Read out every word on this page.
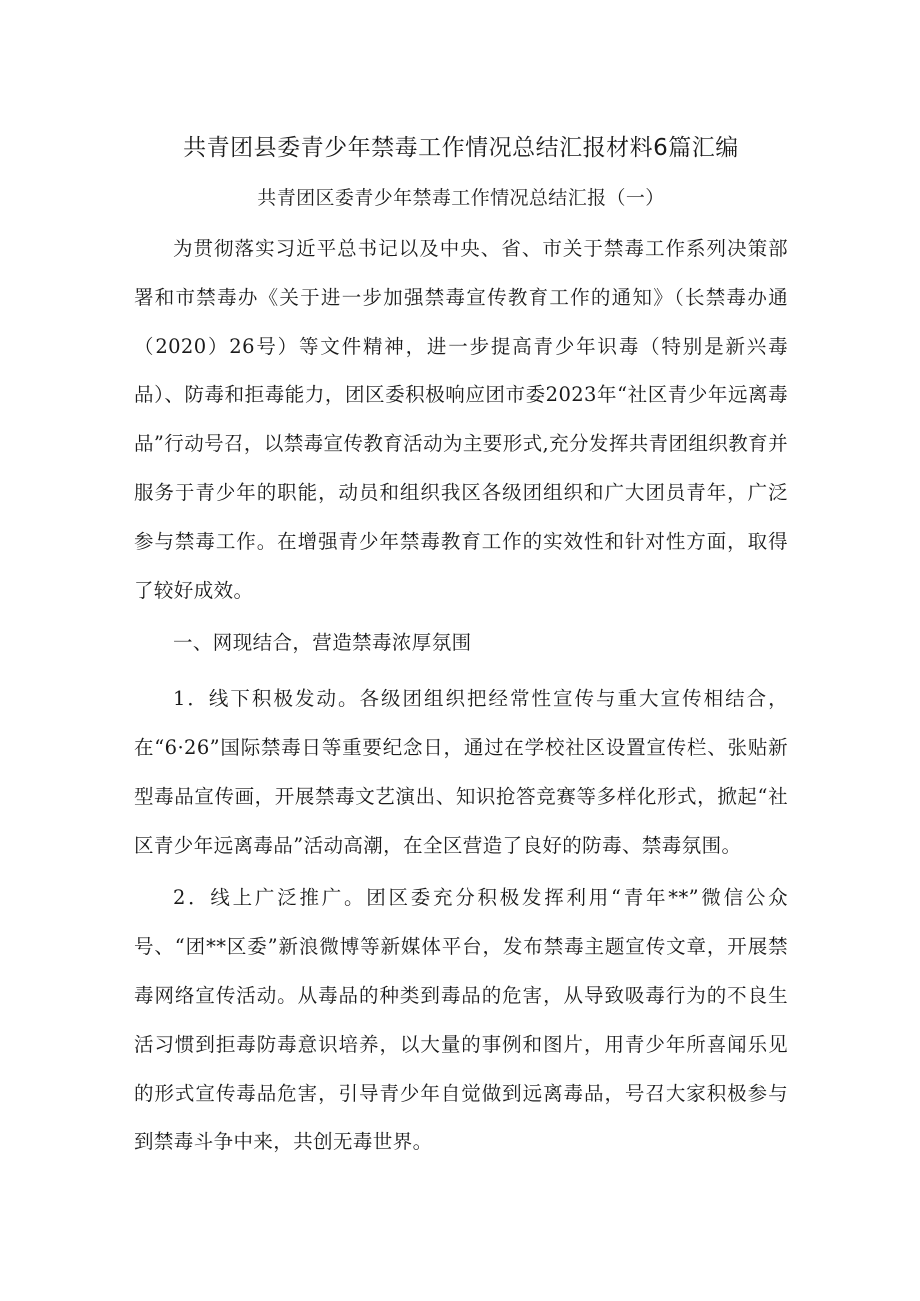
共青团县委青少年禁毒工作情况总结汇报材料6篇汇编
共青团区委青少年禁毒工作情况总结汇报（一）

为贯彻落实习近平总书记以及中央、省、市关于禁毒工作系列决策部署和市禁毒办《关于进一步加强禁毒宣传教育工作的通知》（长禁毒办通（2020）26号）等文件精神，进一步提高青少年识毒（特别是新兴毒品）、防毒和拒毒能力，团区委积极响应团市委2023年“社区青少年远离毒品”行动号召，以禁毒宣传教育活动为主要形式,充分发挥共青团组织教育并服务于青少年的职能，动员和组织我区各级团组织和广大团员青年，广泛参与禁毒工作。在增强青少年禁毒教育工作的实效性和针对性方面，取得了较好成效。

一、网现结合，营造禁毒浓厚氛围

1．线下积极发动。各级团组织把经常性宣传与重大宣传相结合，在“6·26”国际禁毒日等重要纪念日，通过在学校社区设置宣传栏、张贴新型毒品宣传画，开展禁毒文艺演出、知识抢答竞赛等多样化形式，掀起“社区青少年远离毒品”活动高潮，在全区营造了良好的防毒、禁毒氛围。

2．线上广泛推广。团区委充分积极发挥利用“青年**”微信公众号、“团**区委”新浪微博等新媒体平台，发布禁毒主题宣传文章，开展禁毒网络宣传活动。从毒品的种类到毒品的危害，从导致吸毒行为的不良生活习惯到拒毒防毒意识培养，以大量的事例和图片，用青少年所喜闻乐见的形式宣传毒品危害，引导青少年自觉做到远离毒品，号召大家积极参与到禁毒斗争中来，共创无毒世界。
